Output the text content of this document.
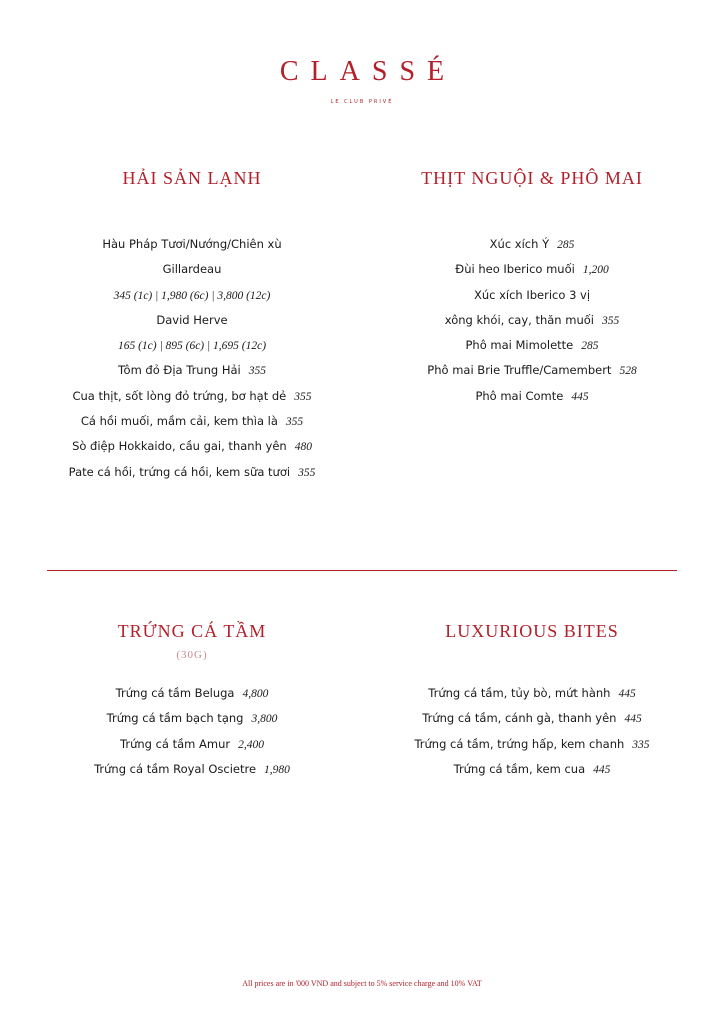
CLASSÉ
LE CLUB PRIVÉ
HẢI SẢN LẠNH
Hàu Pháp Tươi/Nướng/Chiên xù
Gillardeau
345 (1c) | 1,980 (6c) | 3,800 (12c)
David Herve
165 (1c) | 895 (6c) | 1,695 (12c)
Tôm đỏ Địa Trung Hải 355
Cua thịt, sốt lòng đỏ trứng, bơ hạt dẻ 355
Cá hồi muối, mầm cải, kem thìa là 355
Sò điệp Hokkaido, cầu gai, thanh yên 480
Pate cá hồi, trứng cá hồi, kem sữa tươi 355
THỊT NGUỘI & PHÔ MAI
Xúc xích Ý 285
Đùi heo Iberico muối 1,200
Xúc xích Iberico 3 vị
xông khói, cay, thăn muối 355
Phô mai Mimolette 285
Phô mai Brie Truffle/Camembert 528
Phô mai Comte 445
TRỨNG CÁ TẦM
(30G)
Trứng cá tầm Beluga 4,800
Trứng cá tầm bạch tạng 3,800
Trứng cá tầm Amur 2,400
Trứng cá tầm Royal Oscietre 1,980
LUXURIOUS BITES
Trứng cá tầm, tủy bò, mứt hành 445
Trứng cá tầm, cánh gà, thanh yên 445
Trứng cá tầm, trứng hấp, kem chanh 335
Trứng cá tầm, kem cua 445
All prices are in '000 VND and subject to 5% service charge and 10% VAT
